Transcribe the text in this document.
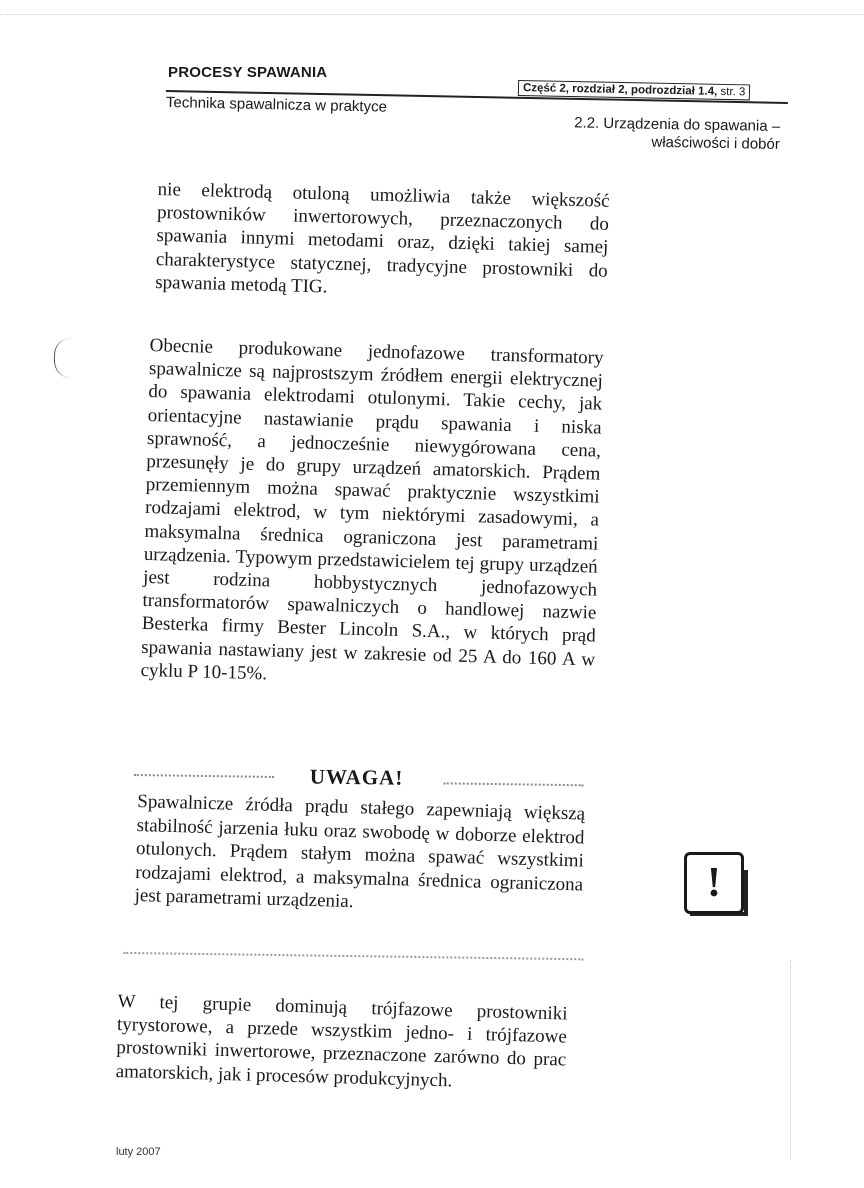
PROCESY SPAWANIA
Część 2, rozdział 2, podrozdział 1.4, str. 3
Technika spawalnicza w praktyce
2.2. Urządzenia do spawania –
właściwości i dobór
nie elektrodą otuloną umożliwia także większość prostowników inwertorowych, przeznaczonych do spawania innymi metodami oraz, dzięki takiej samej charakterystyce statycznej, tradycyjne prostowniki do spawania metodą TIG.
Obecnie produkowane jednofazowe transformatory spawalnicze są najprostszym źródłem energii elektrycznej do spawania elektrodami otulonymi. Takie cechy, jak orientacyjne nastawianie prądu spawania i niska sprawność, a jednocześnie niewygórowana cena, przesunęły je do grupy urządzeń amatorskich. Prądem przemiennym można spawać praktycznie wszystkimi rodzajami elektrod, w tym niektórymi zasadowymi, a maksymalna średnica ograniczona jest parametrami urządzenia. Typowym przedstawicielem tej grupy urządzeń jest rodzina hobbystycznych jednofazowych transformatorów spawalniczych o handlowej nazwie Besterka firmy Bester Lincoln S.A., w których prąd spawania nastawiany jest w zakresie od 25 A do 160 A w cyklu P 10-15%.
UWAGA!
Spawalnicze źródła prądu stałego zapewniają większą stabilność jarzenia łuku oraz swobodę w doborze elektrod otulonych. Prądem stałym można spawać wszystkimi rodzajami elektrod, a maksymalna średnica ograniczona jest parametrami urządzenia.	!
W tej grupie dominują trójfazowe prostowniki tyrystorowe, a przede wszystkim jedno- i trójfazowe prostowniki inwertorowe, przeznaczone zarówno do prac amatorskich, jak i procesów produkcyjnych.
luty 2007
